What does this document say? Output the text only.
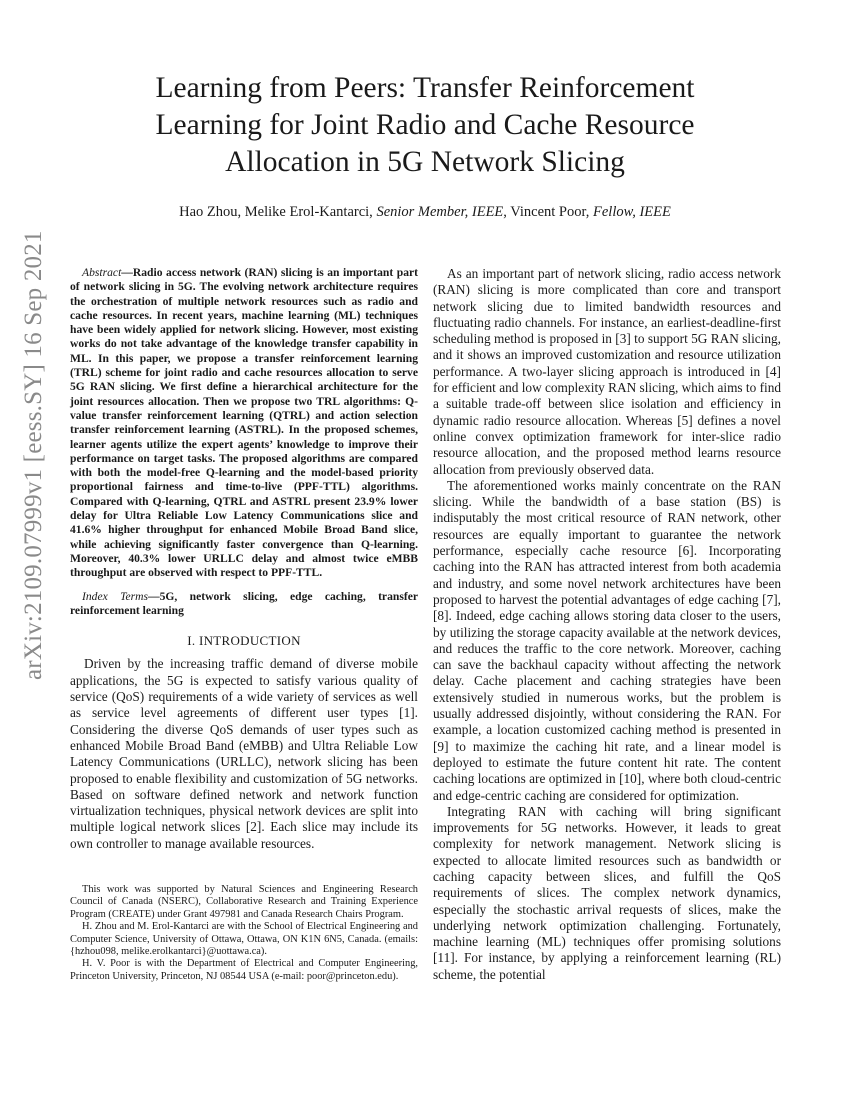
arXiv:2109.07999v1 [eess.SY] 16 Sep 2021
Learning from Peers: Transfer Reinforcement
Learning for Joint Radio and Cache Resource
Allocation in 5G Network Slicing
Hao Zhou, Melike Erol-Kantarci, Senior Member, IEEE, Vincent Poor, Fellow, IEEE

Abstract—Radio access network (RAN) slicing is an important part of network slicing in 5G. The evolving network architecture requires the orchestration of multiple network resources such as radio and cache resources. In recent years, machine learning (ML) techniques have been widely applied for network slicing. However, most existing works do not take advantage of the knowledge transfer capability in ML. In this paper, we propose a transfer reinforcement learning (TRL) scheme for joint radio and cache resources allocation to serve 5G RAN slicing. We first define a hierarchical architecture for the joint resources allocation. Then we propose two TRL algorithms: Q-value transfer reinforcement learning (QTRL) and action selection transfer reinforcement learning (ASTRL). In the proposed schemes, learner agents utilize the expert agents’ knowledge to improve their performance on target tasks. The proposed algorithms are compared with both the model-free Q-learning and the model-based priority proportional fairness and time-to-live (PPF-TTL) algorithms. Compared with Q-learning, QTRL and ASTRL present 23.9% lower delay for Ultra Reliable Low Latency Communications slice and 41.6% higher throughput for enhanced Mobile Broad Band slice, while achieving significantly faster convergence than Q-learning. Moreover, 40.3% lower URLLC delay and almost twice eMBB throughput are observed with respect to PPF-TTL.

Index Terms—5G, network slicing, edge caching, transfer reinforcement learning

I. INTRODUCTION

Driven by the increasing traffic demand of diverse mobile applications, the 5G is expected to satisfy various quality of service (QoS) requirements of a wide variety of services as well as service level agreements of different user types [1]. Considering the diverse QoS demands of user types such as enhanced Mobile Broad Band (eMBB) and Ultra Reliable Low Latency Communications (URLLC), network slicing has been proposed to enable flexibility and customization of 5G networks. Based on software defined network and network function virtualization techniques, physical network devices are split into multiple logical network slices [2]. Each slice may include its own controller to manage available resources.

This work was supported by Natural Sciences and Engineering Research Council of Canada (NSERC), Collaborative Research and Training Experience Program (CREATE) under Grant 497981 and Canada Research Chairs Program.

H. Zhou and M. Erol-Kantarci are with the School of Electrical Engineering and Computer Science, University of Ottawa, Ottawa, ON K1N 6N5, Canada. (emails:{hzhou098, melike.erolkantarci}@uottawa.ca).

H. V. Poor is with the Department of Electrical and Computer Engineering, Princeton University, Princeton, NJ 08544 USA (e-mail: poor@princeton.edu).

As an important part of network slicing, radio access network (RAN) slicing is more complicated than core and transport network slicing due to limited bandwidth resources and fluctuating radio channels. For instance, an earliest-deadline-first scheduling method is proposed in [3] to support 5G RAN slicing, and it shows an improved customization and resource utilization performance. A two-layer slicing approach is introduced in [4] for efficient and low complexity RAN slicing, which aims to find a suitable trade-off between slice isolation and efficiency in dynamic radio resource allocation. Whereas [5] defines a novel online convex optimization framework for inter-slice radio resource allocation, and the proposed method learns resource allocation from previously observed data.

The aforementioned works mainly concentrate on the RAN slicing. While the bandwidth of a base station (BS) is indisputably the most critical resource of RAN network, other resources are equally important to guarantee the network performance, especially cache resource [6]. Incorporating caching into the RAN has attracted interest from both academia and industry, and some novel network architectures have been proposed to harvest the potential advantages of edge caching [7], [8]. Indeed, edge caching allows storing data closer to the users, by utilizing the storage capacity available at the network devices, and reduces the traffic to the core network. Moreover, caching can save the backhaul capacity without affecting the network delay. Cache placement and caching strategies have been extensively studied in numerous works, but the problem is usually addressed disjointly, without considering the RAN. For example, a location customized caching method is presented in [9] to maximize the caching hit rate, and a linear model is deployed to estimate the future content hit rate. The content caching locations are optimized in [10], where both cloud-centric and edge-centric caching are considered for optimization.

Integrating RAN with caching will bring significant improvements for 5G networks. However, it leads to great complexity for network management. Network slicing is expected to allocate limited resources such as bandwidth or caching capacity between slices, and fulfill the QoS requirements of slices. The complex network dynamics, especially the stochastic arrival requests of slices, make the underlying network optimization challenging. Fortunately, machine learning (ML) techniques offer promising solutions [11]. For instance, by applying a reinforcement learning (RL) scheme, the potential
